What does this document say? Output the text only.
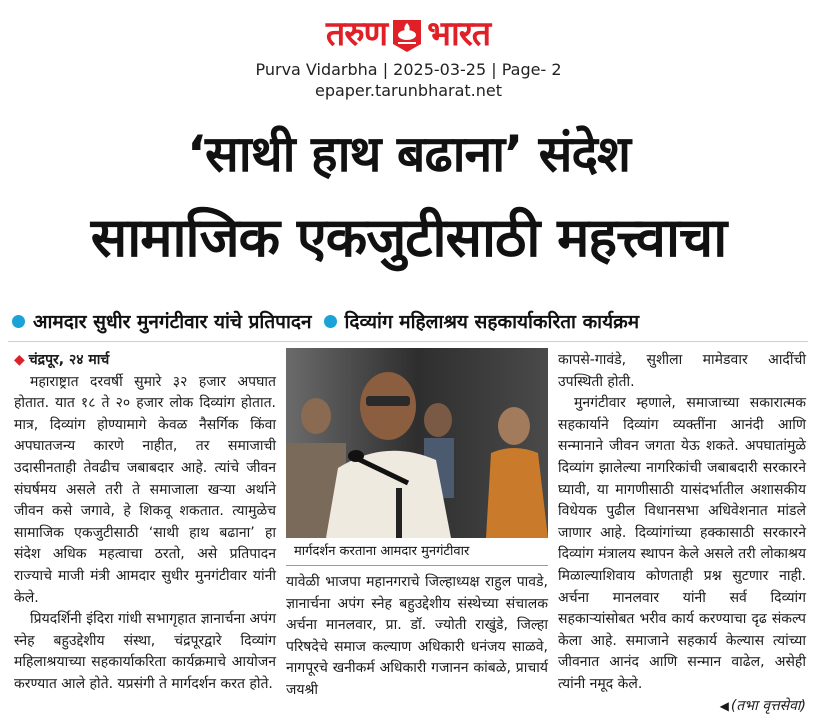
तरुण भारत
Purva Vidarbha | 2025-03-25 | Page- 2
epaper.tarunbharat.net
‘साथी हाथ बढाना’ संदेश
सामाजिक एकजुटीसाठी महत्त्वाचा
आमदार सुधीर मुनगंटीवार यांचे प्रतिपादन दिव्यांग महिलाश्रय सहकार्याकरिता कार्यक्रम

◆ चंद्रपूर, २४ मार्च

महाराष्ट्रात दरवर्षी सुमारे ३२ हजार अपघात होतात. यात १८ ते २० हजार लोक दिव्यांग होतात. मात्र, दिव्यांग होण्यामागे केवळ नैसर्गिक किंवा अपघातजन्य कारणे नाहीत, तर समाजाची उदासीनताही तेवढीच जबाबदार आहे. त्यांचे जीवन संघर्षमय असले तरी ते समाजाला खऱ्या अर्थाने जीवन कसे जगावे, हे शिकवू शकतात. त्यामुळेच सामाजिक एकजुटीसाठी ‘साथी हाथ बढाना’ हा संदेश अधिक महत्वाचा ठरतो, असे प्रतिपादन राज्याचे माजी मंत्री आमदार सुधीर मुनगंटीवार यांनी केले.

प्रियदर्शिनी इंदिरा गांधी सभागृहात ज्ञानार्चना अपंग स्नेह बहुउद्देशीय संस्था, चंद्रपूरद्वारे दिव्यांग महिलाश्रयाच्या सहकार्याकरिता कार्यक्रमाचे आयोजन करण्यात आले होते. यप्रसंगी ते मार्गदर्शन करत होते.

मार्गदर्शन करताना आमदार मुनगंटीवार

यावेळी भाजपा महानगराचे जिल्हाध्यक्ष राहुल पावडे, ज्ञानार्चना अपंग स्नेह बहुउद्देशीय संस्थेच्या संचालक अर्चना मानलवार, प्रा. डॉ. ज्योती राखुंडे, जिल्हा परिषदेचे समाज कल्याण अधिकारी धनंजय साळवे, नागपूरचे खनीकर्म अधिकारी गजानन कांबळे, प्राचार्य जयश्री

कापसे-गावंडे, सुशीला मामेडवार आदींची उपस्थिती होती.

मुनगंटीवार म्हणाले, समाजाच्या सकारात्मक सहकार्याने दिव्यांग व्यक्तींना आनंदी आणि सन्मानाने जीवन जगता येऊ शकते. अपघातांमुळे दिव्यांग झालेल्या नागरिकांची जबाबदारी सरकारने घ्यावी, या मागणीसाठी यासंदर्भातील अशासकीय विधेयक पुढील विधानसभा अधिवेशनात मांडले जाणार आहे. दिव्यांगांच्या हक्कासाठी सरकारने दिव्यांग मंत्रालय स्थापन केले असले तरी लोकाश्रय मिळाल्याशिवाय कोणताही प्रश्न सुटणार नाही. अर्चना मानलवार यांनी सर्व दिव्यांग सहकाऱ्यांसोबत भरीव कार्य करण्याचा दृढ संकल्प केला आहे. समाजाने सहकार्य केल्यास त्यांच्या जीवनात आनंद आणि सन्मान वाढेल, असेही त्यांनी नमूद केले.

◀ (तभा वृत्तसेवा)
